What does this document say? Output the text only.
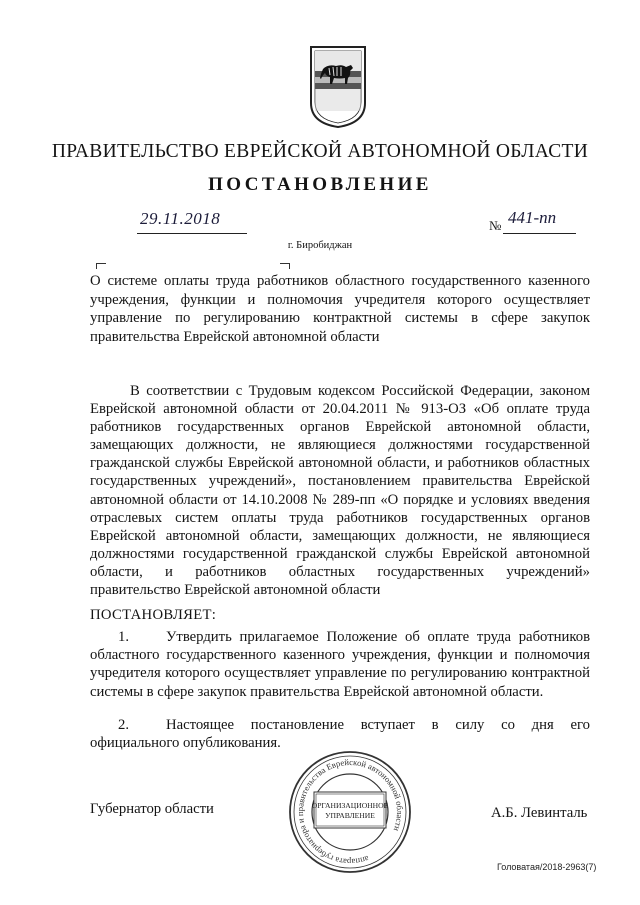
ПРАВИТЕЛЬСТВО ЕВРЕЙСКОЙ АВТОНОМНОЙ ОБЛАСТИ
ПОСТАНОВЛЕНИЕ
29.11.2018	№ 441-пп
г. Биробиджан
О системе оплаты труда работников областного государственного казенного учреждения, функции и полномочия учредителя которого осуществляет управление по регулированию контрактной системы в сфере закупок правительства Еврейской автономной области
В соответствии с Трудовым кодексом Российской Федерации, законом Еврейской автономной области от 20.04.2011 № 913-ОЗ «Об оплате труда работников государственных органов Еврейской автономной области, замещающих должности, не являющиеся должностями государственной гражданской службы Еврейской автономной области, и работников областных государственных учреждений», постановлением правительства Еврейской автономной области от 14.10.2008 № 289-пп «О порядке и условиях введения отраслевых систем оплаты труда работников государственных органов Еврейской автономной области, замещающих должности, не являющиеся должностями государственной гражданской службы Еврейской автономной области, и работников областных государственных учреждений» правительство Еврейской автономной области
ПОСТАНОВЛЯЕТ:
1.	Утвердить прилагаемое Положение об оплате труда работников областного государственного казенного учреждения, функции и полномочия учредителя которого осуществляет управление по регулированию контрактной системы в сфере закупок правительства Еврейской автономной области.
2.	Настоящее постановление вступает в силу со дня его официального опубликования.
Губернатор области	А.Б. Левинталь
аппарата губернатора и правительства Еврейской автономной области
ОРГАНИЗАЦИОННОЕ
УПРАВЛЕНИЕ
Головатая/2018-2963(7)
